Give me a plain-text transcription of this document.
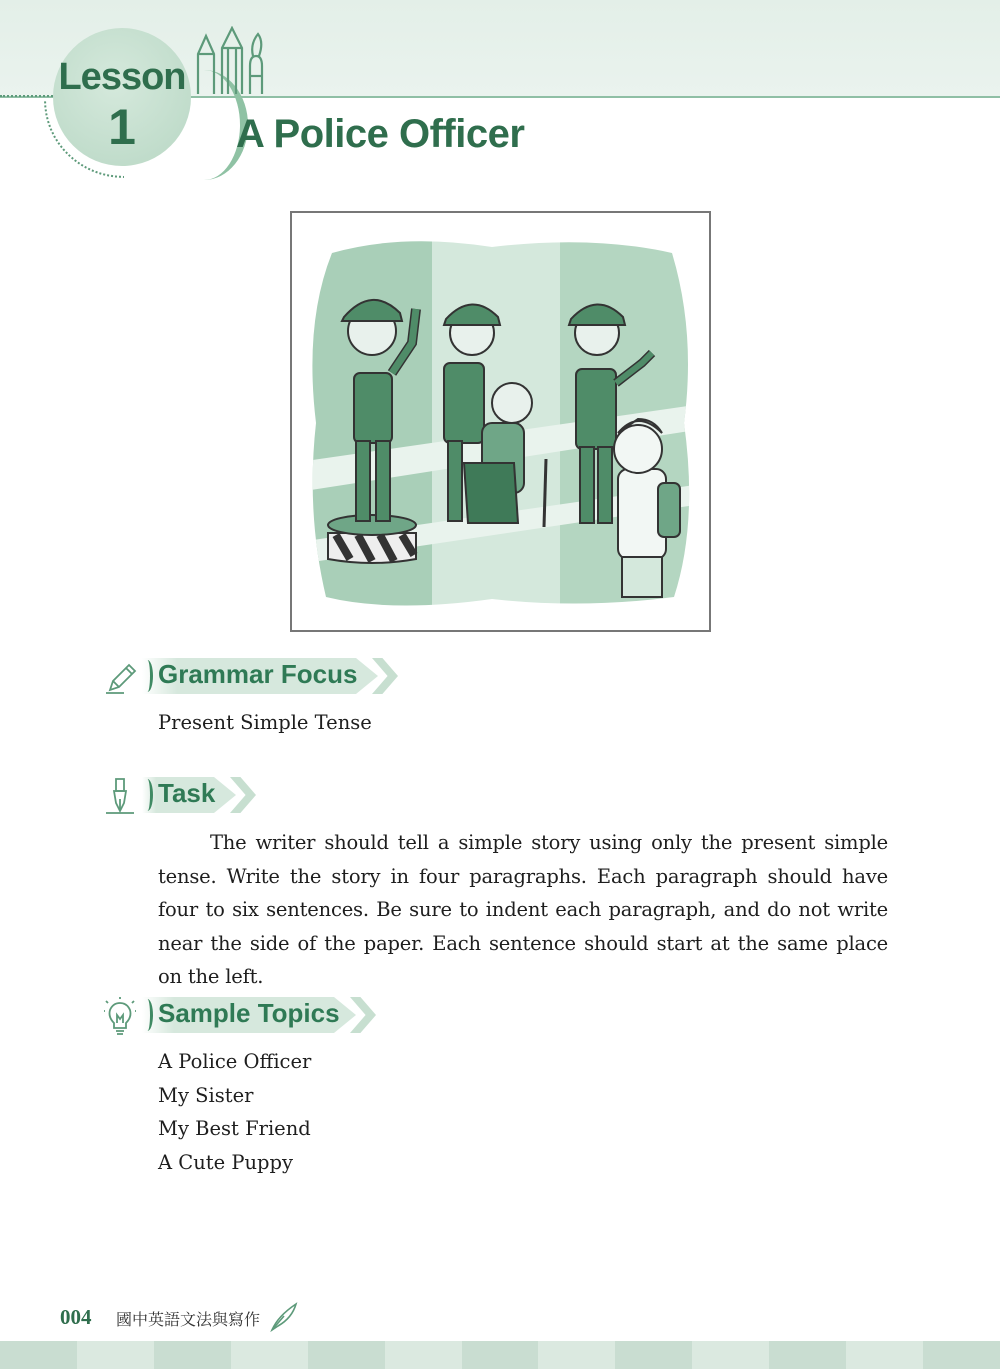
Lesson
1	A Police Officer
Grammar Focus

Present Simple Tense

Task

The writer should tell a simple story using only the present simple tense. Write the story in four paragraphs. Each paragraph should have four to six sentences. Be sure to indent each paragraph, and do not write near the side of the paper. Each sentence should start at the same place on the left.

Sample Topics
A Police Officer
My Sister
My Best Friend
A Cute Puppy
004 國中英語文法與寫作
